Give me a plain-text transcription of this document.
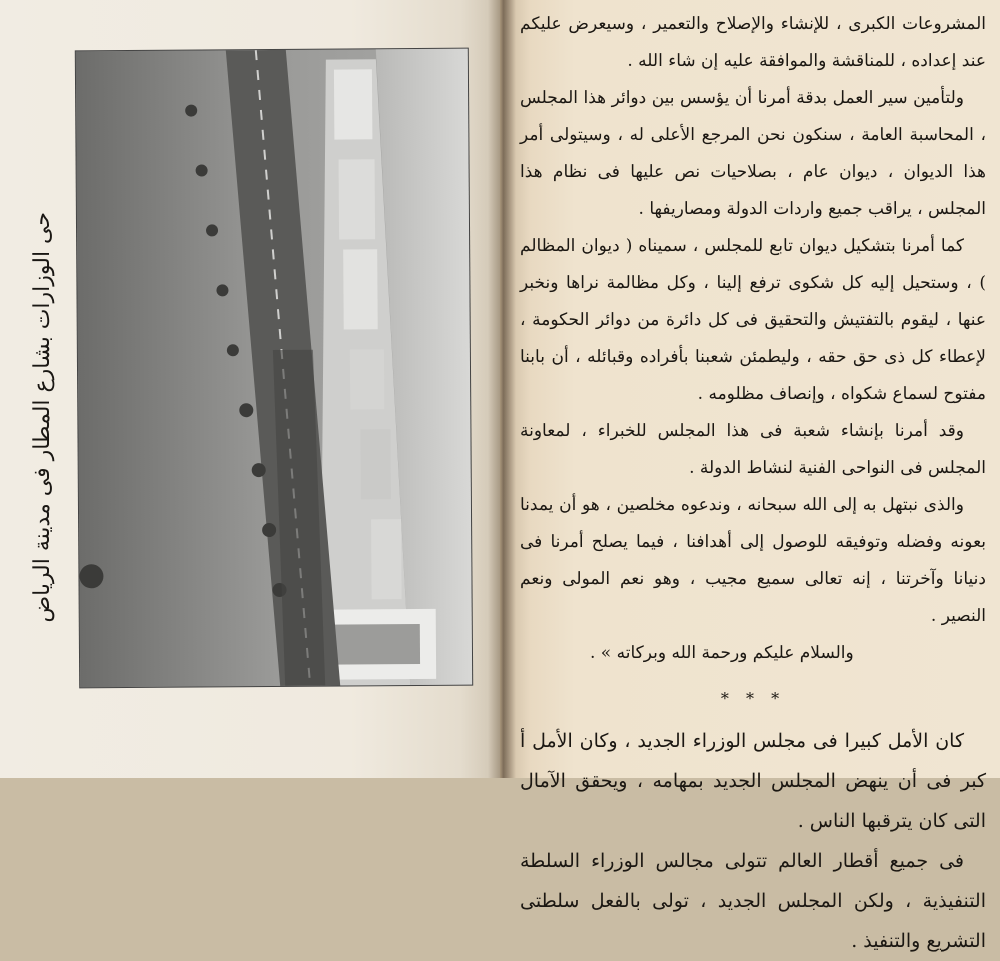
حى الوزارات بشارع المطار فى مدينة الرياض

المشروعات الكبرى ، للإنشاء والإصلاح والتعمير ، وسيعرض عليكم عند إعداده ، للمناقشة والموافقة عليه إن شاء الله .

ولتأمين سير العمل بدقة أمرنا أن يؤسس بين دوائر هذا المجلس ، المحاسبة العامة ، سنكون نحن المرجع الأعلى له ، وسيتولى أمر هذا الديوان ، ديوان عام ، بصلاحيات نص عليها فى نظام هذا المجلس ، يراقب جميع واردات الدولة ومصاريفها .

كما أمرنا بتشكيل ديوان تابع للمجلس ، سميناه ( ديوان المظالم ) ، وستحيل إليه كل شكوى ترفع إلينا ، وكل مظالمة نراها ونخبر عنها ، ليقوم بالتفتيش والتحقيق فى كل دائرة من دوائر الحكومة ، لإعطاء كل ذى حق حقه ، وليطمئن شعبنا بأفراده وقبائله ، أن بابنا مفتوح لسماع شكواه ، وإنصاف مظلومه .

وقد أمرنا بإنشاء شعبة فى هذا المجلس للخبراء ، لمعاونة المجلس فى النواحى الفنية لنشاط الدولة .

والذى نبتهل به إلى الله سبحانه ، وندعوه مخلصين ، هو أن يمدنا بعونه وفضله وتوفيقه للوصول إلى أهدافنا ، فيما يصلح أمرنا فى دنيانا وآخرتنا ، إنه تعالى سميع مجيب ، وهو نعم المولى ونعم النصير .

والسلام عليكم ورحمة الله وبركاته » .

* * *

كان الأمل كبيرا فى مجلس الوزراء الجديد ، وكان الأمل أ كبر فى أن ينهض المجلس الجديد بمهامه ، ويحقق الآمال التى كان يترقبها الناس .

فى جميع أقطار العالم تتولى مجالس الوزراء السلطة التنفيذية ، ولكن المجلس الجديد ، تولى بالفعل سلطتى التشريع والتنفيذ .
